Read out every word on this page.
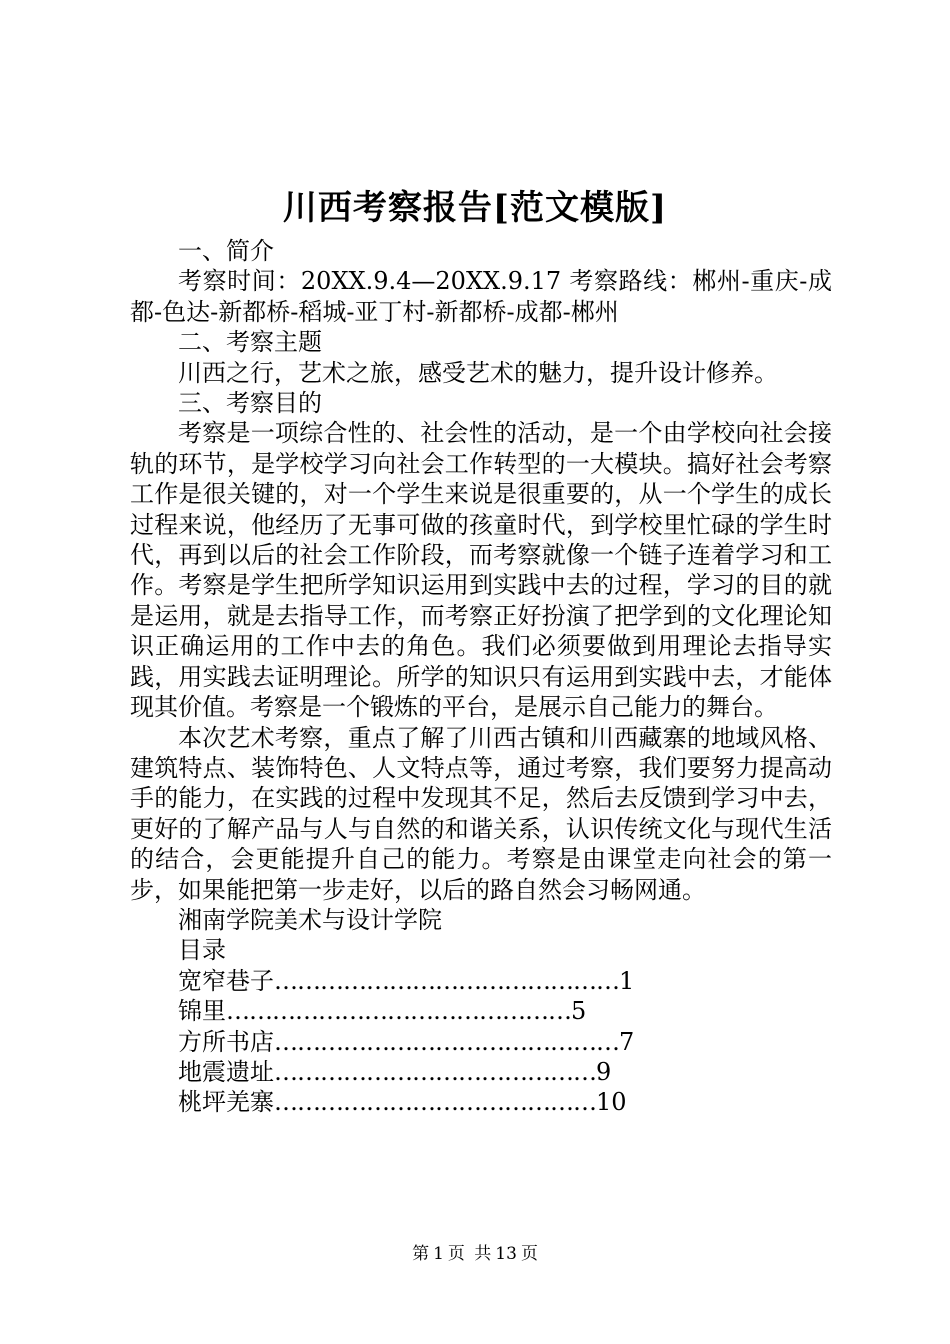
川西考察报告[范文模版]

一、简介

考察时间：20XX.9.4—20XX.9.17 考察路线：郴州-重庆-成都-色达-新都桥-稻城-亚丁村-新都桥-成都-郴州

二、考察主题

川西之行，艺术之旅，感受艺术的魅力，提升设计修养。

三、考察目的

考察是一项综合性的、社会性的活动，是一个由学校向社会接轨的环节，是学校学习向社会工作转型的一大模块。搞好社会考察工作是很关键的，对一个学生来说是很重要的，从一个学生的成长过程来说，他经历了无事可做的孩童时代，到学校里忙碌的学生时代，再到以后的社会工作阶段，而考察就像一个链子连着学习和工作。考察是学生把所学知识运用到实践中去的过程，学习的目的就是运用，就是去指导工作，而考察正好扮演了把学到的文化理论知识正确运用的工作中去的角色。我们必须要做到用理论去指导实践，用实践去证明理论。所学的知识只有运用到实践中去，才能体现其价值。考察是一个锻炼的平台，是展示自己能力的舞台。

本次艺术考察，重点了解了川西古镇和川西藏寨的地域风格、建筑特点、装饰特色、人文特点等，通过考察，我们要努力提高动手的能力，在实践的过程中发现其不足，然后去反馈到学习中去，更好的了解产品与人与自然的和谐关系，认识传统文化与现代生活的结合，会更能提升自己的能力。考察是由课堂走向社会的第一步，如果能把第一步走好，以后的路自然会习畅网通。

湘南学院美术与设计学院

目录

宽窄巷子………………………………………1
锦里………………………………………5
方所书店………………………………………7
地震遗址……………………………………9
桃坪羌寨……………………………………10
第 1 页 共 13 页
